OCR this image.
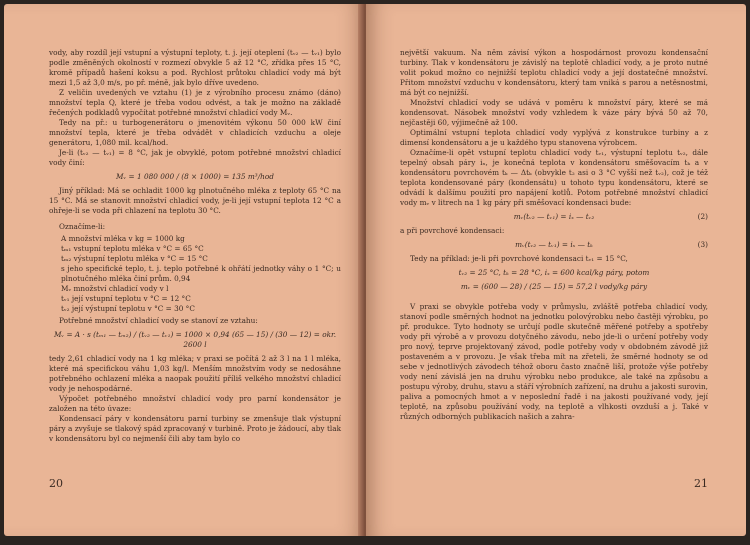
vody, aby rozdíl její vstupní a výstupní teploty, t. j. její oteplení (tᵥ₂ — tᵥ₁) bylo podle změněných okolností v rozmezí obvykle 5 až 12 °C, zřídka přes 15 °C, kromě případů hašení koksu a pod. Rychlost průtoku chladicí vody má být mezi 1,5 až 3,0 m/s, po př. méně, jak bylo dříve uvedeno.

Z veličin uvedených ve vztahu (1) je z výrobního procesu známo (dáno) množství tepla Q, které je třeba vodou odvést, a tak je možno na základě řečených podkladů vypočítat potřebné množství chladicí vody Mᵥ.

Tedy na př.: u turbogenerátoru o jmenovitém výkonu 50 000 kW činí množství tepla, které je třeba odvádět v chladicích vzduchu a oleje generátoru, 1,080 mil. kcal/hod.

Je-li (tᵥ₂ — tᵥ₁) = 8 °C, jak je obvyklé, potom potřebné množství chladicí vody činí:

Mᵥ = 1 080 000 / (8 × 1000) = 135 m³/hod

Jiný příklad: Má se ochladit 1000 kg plnotučného mléka z teploty 65 °C na 15 °C. Má se stanovit množství chladicí vody, je-li její vstupní teplota 12 °C a ohřeje-li se voda při chlazení na teplotu 30 °C.

Označíme-li:

A množství mléka v kg = 1000 kg
tₘ₁ vstupní teplotu mléka v °C = 65 °C
tₘ₂ výstupní teplotu mléka v °C = 15 °C
s jeho specifické teplo, t. j. teplo potřebné k ohřátí jednotky váhy o 1 °C; u plnotučného mléka činí prům. 0,94
Mᵥ množství chladicí vody v l
tᵥ₁ její vstupní teplotu v °C = 12 °C
tᵥ₂ její výstupní teplotu v °C = 30 °C

Potřebné množství chladicí vody se stanoví ze vztahu:

Mᵥ = A · s (tₘ₁ — tₘ₂) / (tᵥ₂ — tᵥ₁) = 1000 × 0,94 (65 — 15) / (30 — 12) = okr. 2600 l

tedy 2,61 chladicí vody na 1 kg mléka; v praxi se počítá 2 až 3 l na 1 l mléka, které má specifickou váhu 1,03 kg/l. Menším množstvím vody se nedosáhne potřebného ochlazení mléka a naopak použití příliš velkého množství chladicí vody je nehospodárné.

Výpočet potřebného množství chladicí vody pro parní kondensátor je založen na této úvaze:

Kondensací páry v kondensátoru parní turbiny se zmenšuje tlak výstupní páry a zvyšuje se tlakový spád zpracovaný v turbině. Proto je žádoucí, aby tlak v kondensátoru byl co nejmenší čili aby tam bylo co

20

největší vakuum. Na něm závisí výkon a hospodárnost provozu kondensační turbiny. Tlak v kondensátoru je závislý na teplotě chladicí vody, a je proto nutné volit pokud možno co nejnižší teplotu chladicí vody a její dostatečné množství. Přitom množství vzduchu v kondensátoru, který tam vniká s parou a netěsnostmi, má být co nejnižší.

Množství chladicí vody se udává v poměru k množství páry, které se má kondensovat. Násobek množství vody vzhledem k váze páry bývá 50 až 70, nejčastěji 60, výjimečně až 100.

Optimální vstupní teplota chladicí vody vyplývá z konstrukce turbiny a z dimensí kondensátoru a je u každého typu stanovena výrobcem.

Označíme-li opět vstupní teplotu chladicí vody tᵥ₁, výstupní teplotu tᵥ₂, dále tepelný obsah páry iₓ, je konečná teplota v kondensátoru směšovacím tₖ a v kondensátoru povrchovém tₖ — Δtₖ (obvykle t₂ asi o 3 °C vyšší než tᵥ₂), což je též teplota kondensované páry (kondensátu) u tohoto typu kondensátoru, které se odvádí k dalšímu použití pro napájení kotlů. Potom potřebné množství chladicí vody mᵥ v litrech na 1 kg páry při směšovací kondensaci bude:

mᵥ(tᵥ₂ — tᵥ₁) = iₓ — tᵥ₂	(2)

a při povrchové kondensaci:

mᵥ(tᵥ₂ — tᵥ₁) = iₓ — tₖ	(3)

Tedy na příklad: je-li při povrchové kondensaci tᵥ₁ = 15 °C,

tᵥ₂ = 25 °C, tₖ = 28 °C, iₓ = 600 kcal/kg páry, potom
mᵥ = (600 — 28) / (25 — 15) = 57,2 l vody/kg páry

V praxi se obvykle potřeba vody v průmyslu, zvláště potřeba chladicí vody, stanoví podle směrných hodnot na jednotku polovýrobku nebo častěji výrobku, po př. produkce. Tyto hodnoty se určují podle skutečně měřené potřeby a spotřeby vody při výrobě a v provozu dotyčného závodu, nebo jde-li o určení potřeby vody pro nový, teprve projektovaný závod, podle potřeby vody v obdobném závodě již postaveném a v provozu. Je však třeba mít na zřeteli, že směrné hodnoty se od sebe v jednotlivých závodech téhož oboru často značně liší, protože výše potřeby vody není závislá jen na druhu výrobku nebo produkce, ale také na způsobu a postupu výroby, druhu, stavu a stáří výrobních zařízení, na druhu a jakosti surovin, paliva a pomocných hmot a v neposlední řadě i na jakosti používané vody, její teplotě, na způsobu používání vody, na teplotě a vlhkosti ovzduší a j. Také v různých odborných publikacích našich a zahra-

21
